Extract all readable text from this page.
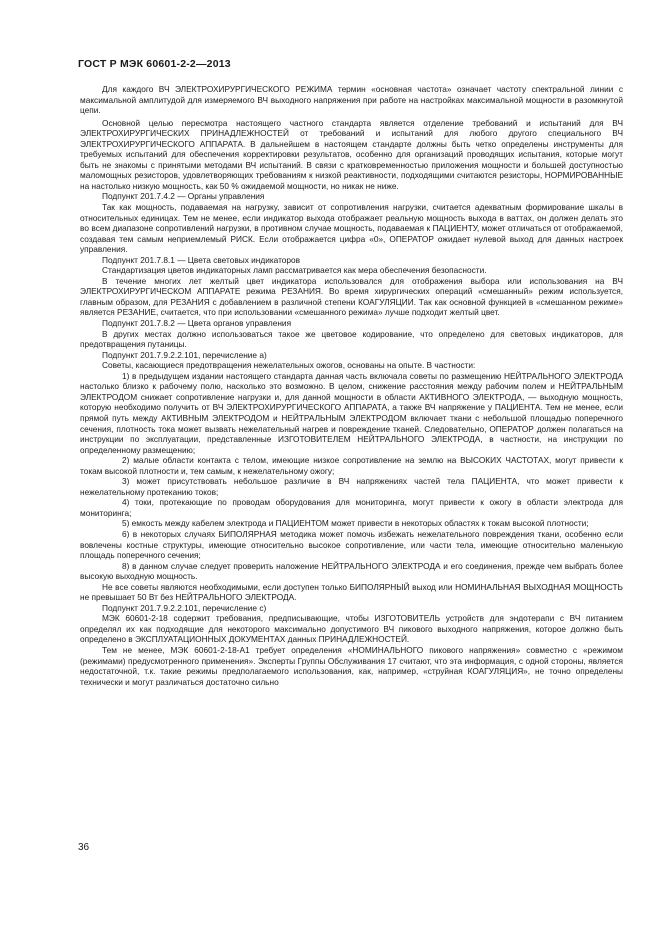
ГОСТ Р МЭК 60601-2-2—2013

Для каждого ВЧ ЭЛЕКТРОХИРУРГИЧЕСКОГО РЕЖИМА термин «основная частота» означает частоту спектральной линии с максимальной амплитудой для измеряемого ВЧ выходного напряжения при работе на настройках максимальной мощности в разомкнутой цепи.

Основной целью пересмотра настоящего частного стандарта является отделение требований и испытаний для ВЧ ЭЛЕКТРОХИРУРГИЧЕСКИХ ПРИНАДЛЕЖНОСТЕЙ от требований и испытаний для любого другого специального ВЧ ЭЛЕКТРОХИРУРГИЧЕСКОГО АППАРАТА. В дальнейшем в настоящем стандарте должны быть четко определены инструменты для требуемых испытаний для обеспечения корректировки результатов, особенно для организаций проводящих испытания, которые могут быть не знакомы с принятыми методами ВЧ испытаний. В связи с кратковременностью приложения мощности и большей доступностью маломощных резисторов, удовлетворяющих требованиям к низкой реактивности, подходящими считаются резисторы, НОРМИРОВАННЫЕ на настолько низкую мощность, как 50 % ожидаемой мощности, но никак не ниже.

Подпункт 201.7.4.2 — Органы управления

Так как мощность, подаваемая на нагрузку, зависит от сопротивления нагрузки, считается адекватным формирование шкалы в относительных единицах. Тем не менее, если индикатор выхода отображает реальную мощность выхода в ваттах, он должен делать это во всем диапазоне сопротивлений нагрузки, в противном случае мощность, подаваемая к ПАЦИЕНТУ, может отличаться от отображаемой, создавая тем самым неприемлемый РИСК. Если отображается цифра «0», ОПЕРАТОР ожидает нулевой выход для данных настроек управления.

Подпункт 201.7.8.1 — Цвета световых индикаторов

Стандартизация цветов индикаторных ламп рассматривается как мера обеспечения безопасности.

В течение многих лет желтый цвет индикатора использовался для отображения выбора или использования на ВЧ ЭЛЕКТРОХИРУРГИЧЕСКОМ АППАРАТЕ режима РЕЗАНИЯ. Во время хирургических операций «смешанный» режим используется, главным образом, для РЕЗАНИЯ с добавлением в различной степени КОАГУЛЯЦИИ. Так как основной функцией в «смешанном режиме» является РЕЗАНИЕ, считается, что при использовании «смешанного режима» лучше подходит желтый цвет.

Подпункт 201.7.8.2 — Цвета органов управления

В других местах должно использоваться такое же цветовое кодирование, что определено для световых индикаторов, для предотвращения путаницы.

Подпункт 201.7.9.2.2.101, перечисление а)

Советы, касающиеся предотвращения нежелательных ожогов, основаны на опыте. В частности:

1) в предыдущем издании настоящего стандарта данная часть включала советы по размещению НЕЙТРАЛЬНОГО ЭЛЕКТРОДА настолько близко к рабочему полю, насколько это возможно. В целом, снижение расстояния между рабочим полем и НЕЙТРАЛЬНЫМ ЭЛЕКТРОДОМ снижает сопротивление нагрузки и, для данной мощности в области АКТИВНОГО ЭЛЕКТРОДА, — выходную мощность, которую необходимо получить от ВЧ ЭЛЕКТРОХИРУРГИЧЕСКОГО АППАРАТА, а также ВЧ напряжение у ПАЦИЕНТА. Тем не менее, если прямой путь между АКТИВНЫМ ЭЛЕКТРОДОМ и НЕЙТРАЛЬНЫМ ЭЛЕКТРОДОМ включает ткани с небольшой площадью поперечного сечения, плотность тока может вызвать нежелательный нагрев и повреждение тканей. Следовательно, ОПЕРАТОР должен полагаться на инструкции по эксплуатации, представленные ИЗГОТОВИТЕЛЕМ НЕЙТРАЛЬНОГО ЭЛЕКТРОДА, в частности, на инструкции по определенному размещению;

2) малые области контакта с телом, имеющие низкое сопротивление на землю на ВЫСОКИХ ЧАСТОТАХ, могут привести к токам высокой плотности и, тем самым, к нежелательному ожогу;

3) может присутствовать небольшое различие в ВЧ напряжениях частей тела ПАЦИЕНТА, что может привести к нежелательному протеканию токов;

4) токи, протекающие по проводам оборудования для мониторинга, могут привести к ожогу в области электрода для мониторинга;

5) емкость между кабелем электрода и ПАЦИЕНТОМ может привести в некоторых областях к токам высокой плотности;

6) в некоторых случаях БИПОЛЯРНАЯ методика может помочь избежать нежелательного повреждения ткани, особенно если вовлечены костные структуры, имеющие относительно высокое сопротивление, или части тела, имеющие относительно маленькую площадь поперечного сечения;

8) в данном случае следует проверить наложение НЕЙТРАЛЬНОГО ЭЛЕКТРОДА и его соединения, прежде чем выбрать более высокую выходную мощность.

Не все советы являются необходимыми, если доступен только БИПОЛЯРНЫЙ выход или НОМИНАЛЬНАЯ ВЫХОДНАЯ МОЩНОСТЬ не превышает 50 Вт без НЕЙТРАЛЬНОГО ЭЛЕКТРОДА.

Подпункт 201.7.9.2.2.101, перечисление с)

МЭК 60601-2-18 содержит требования, предписывающие, чтобы ИЗГОТОВИТЕЛЬ устройств для эндотерапи с ВЧ питанием определял их как подходящие для некоторого максимально допустимого ВЧ пикового выходного напряжения, которое должно быть определено в ЭКСПЛУАТАЦИОННЫХ ДОКУМЕНТАХ данных ПРИНАДЛЕЖНОСТЕЙ.

Тем не менее, МЭК 60601-2-18-А1 требует определения «НОМИНАЛЬНОГО пикового напряжения» совместно с «режимом (режимами) предусмотренного применения». Эксперты Группы Обслуживания 17 считают, что эта информация, с одной стороны, является недостаточной, т.к. такие режимы предполагаемого использования, как, например, «струйная КОАГУЛЯЦИЯ», не точно определены технически и могут различаться достаточно сильно

36
